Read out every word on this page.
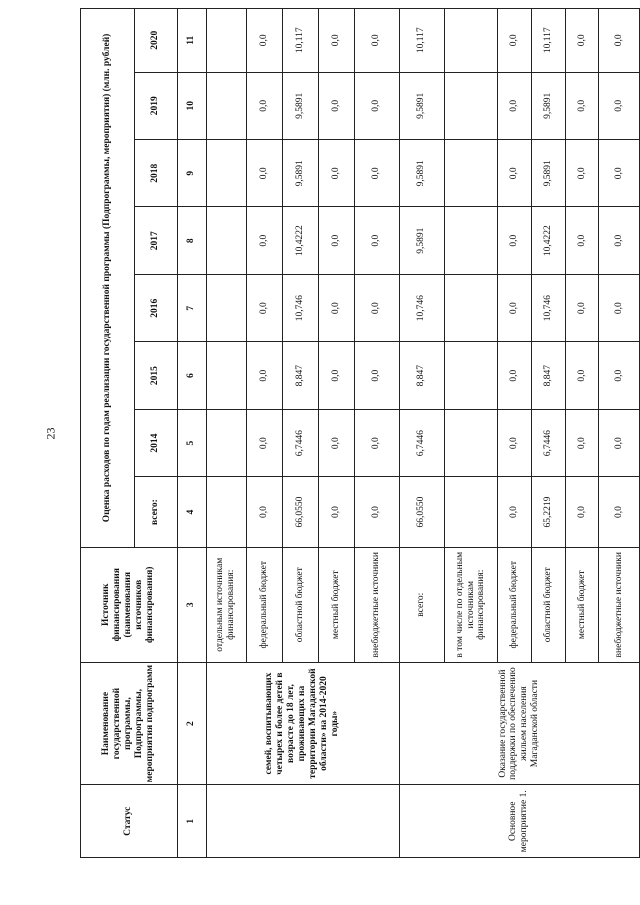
23
Статус	Наименование государственной программы, Подпрограммы, мероприятия подпрограмм	Источник финансирования (наименования источников финансирования)	Оценка расходов по годам реализации государственной программы (Подпрограммы, мероприятия) (млн. рублей)							
			всего:	2014	2015	2016	2017	2018	2019	2020
1	2	3	4	5	6	7	8	9	10	11
	семей, воспитывающих четырех и более детей в возрасте до 18 лет, проживающих на территории Магаданской области» на 2014-2020 годы»	отдельным источникам финансирования:								
		федеральный бюджет	0,0	0,0	0,0	0,0	0,0	0,0	0,0	0,0
		областной бюджет	66,0550	6,7446	8,847	10,746	10,4222	9,5891	9,5891	10,117
		местный бюджет	0,0	0,0	0,0	0,0	0,0	0,0	0,0	0,0
		внебюджетные источники	0,0	0,0	0,0	0,0	0,0	0,0	0,0	0,0
Основное мероприятие 1.	Оказание государственной поддержки по обеспечению жильем населения Магаданской области	всего:	66,0550	6,7446	8,847	10,746	9,5891	9,5891	9,5891	10,117
		в том числе по отдельным источникам финансирования:								
		федеральный бюджет	0,0	0,0	0,0	0,0	0,0	0,0	0,0	0,0
		областной бюджет	65,2219	6,7446	8,847	10,746	10,4222	9,5891	9,5891	10,117
		местный бюджет	0,0	0,0	0,0	0,0	0,0	0,0	0,0	0,0
		внебюджетные источники	0,0	0,0	0,0	0,0	0,0	0,0	0,0	0,0
